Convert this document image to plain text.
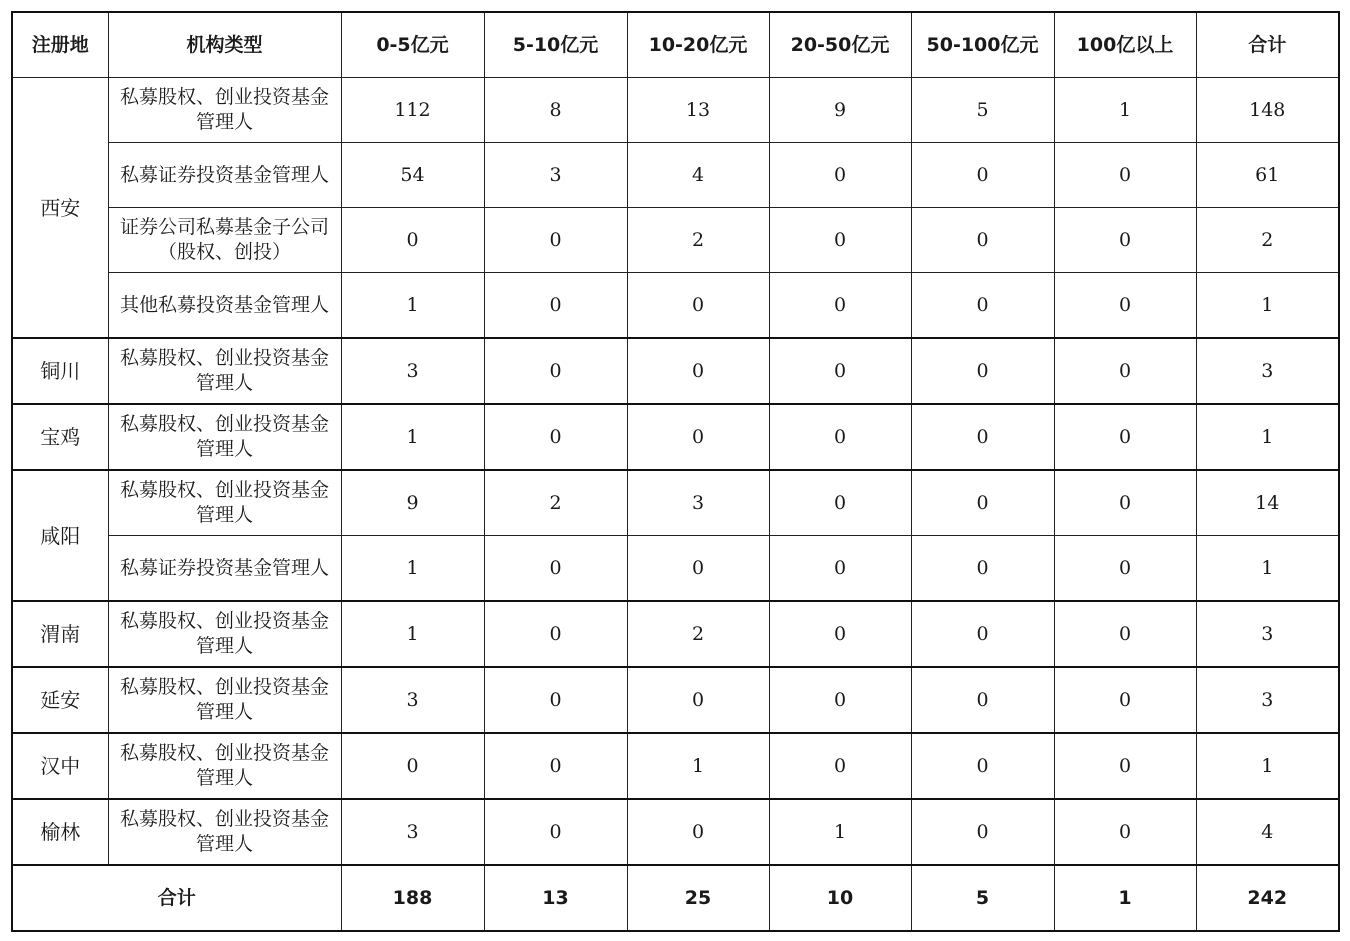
注册地	机构类型	0-5亿元	5-10亿元	10-20亿元	20-50亿元	50-100亿元	100亿以上	合计
西安	私募股权、创业投资基金管理人	112	8	13	9	5	1	148
	私募证券投资基金管理人	54	3	4	0	0	0	61
	证券公司私募基金子公司（股权、创投）	0	0	2	0	0	0	2
	其他私募投资基金管理人	1	0	0	0	0	0	1
铜川	私募股权、创业投资基金管理人	3	0	0	0	0	0	3
宝鸡	私募股权、创业投资基金管理人	1	0	0	0	0	0	1
咸阳	私募股权、创业投资基金管理人	9	2	3	0	0	0	14
	私募证券投资基金管理人	1	0	0	0	0	0	1
渭南	私募股权、创业投资基金管理人	1	0	2	0	0	0	3
延安	私募股权、创业投资基金管理人	3	0	0	0	0	0	3
汉中	私募股权、创业投资基金管理人	0	0	1	0	0	0	1
榆林	私募股权、创业投资基金管理人	3	0	0	1	0	0	4
合计		188	13	25	10	5	1	242
